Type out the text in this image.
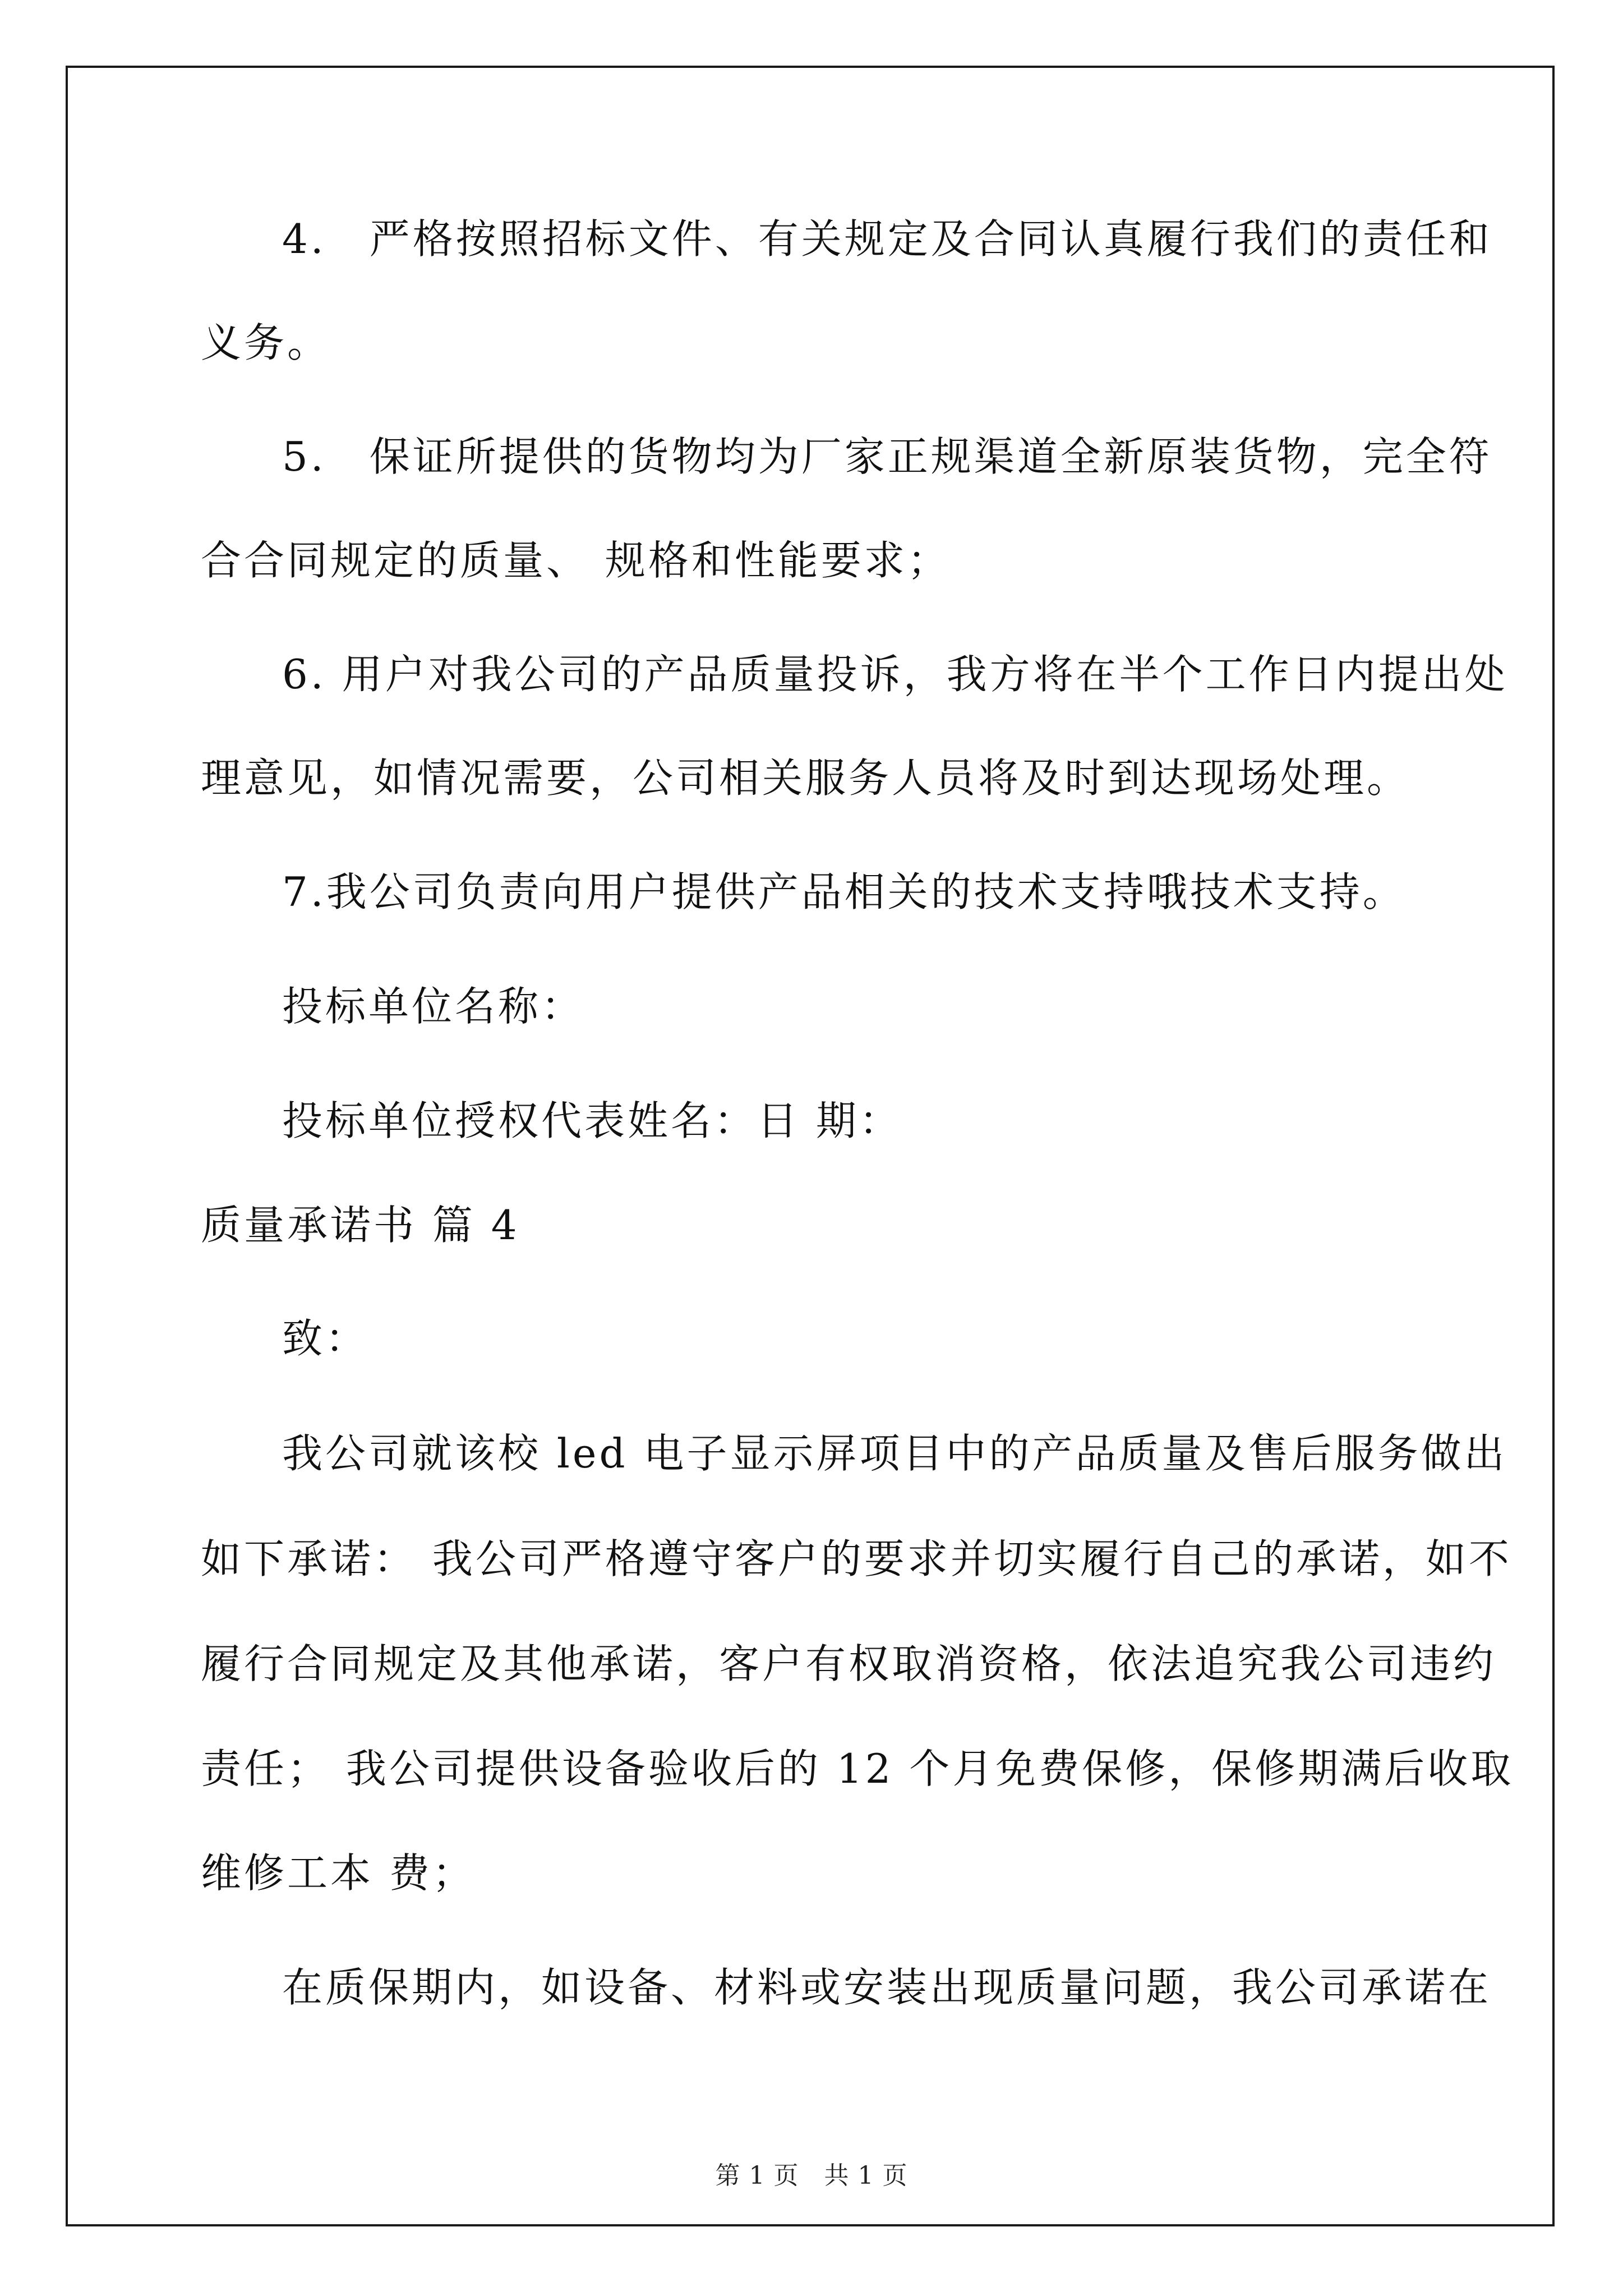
4.　严格按照招标文件、有关规定及合同认真履行我们的责任和
义务。
5.　保证所提供的货物均为厂家正规渠道全新原装货物，完全符
合合同规定的质量、 规格和性能要求；
6. 用户对我公司的产品质量投诉，我方将在半个工作日内提出处
理意见，如情况需要，公司相关服务人员将及时到达现场处理。
7.我公司负责向用户提供产品相关的技术支持哦技术支持。
投标单位名称：
投标单位授权代表姓名：日 期：
质量承诺书 篇 4
致：
我公司就该校 led 电子显示屏项目中的产品质量及售后服务做出
如下承诺： 我公司严格遵守客户的要求并切实履行自己的承诺，如不
履行合同规定及其他承诺，客户有权取消资格，依法追究我公司违约
责任； 我公司提供设备验收后的 12 个月免费保修，保修期满后收取
维修工本 费；
在质保期内，如设备、材料或安装出现质量问题，我公司承诺在
第 1 页　共 1 页
